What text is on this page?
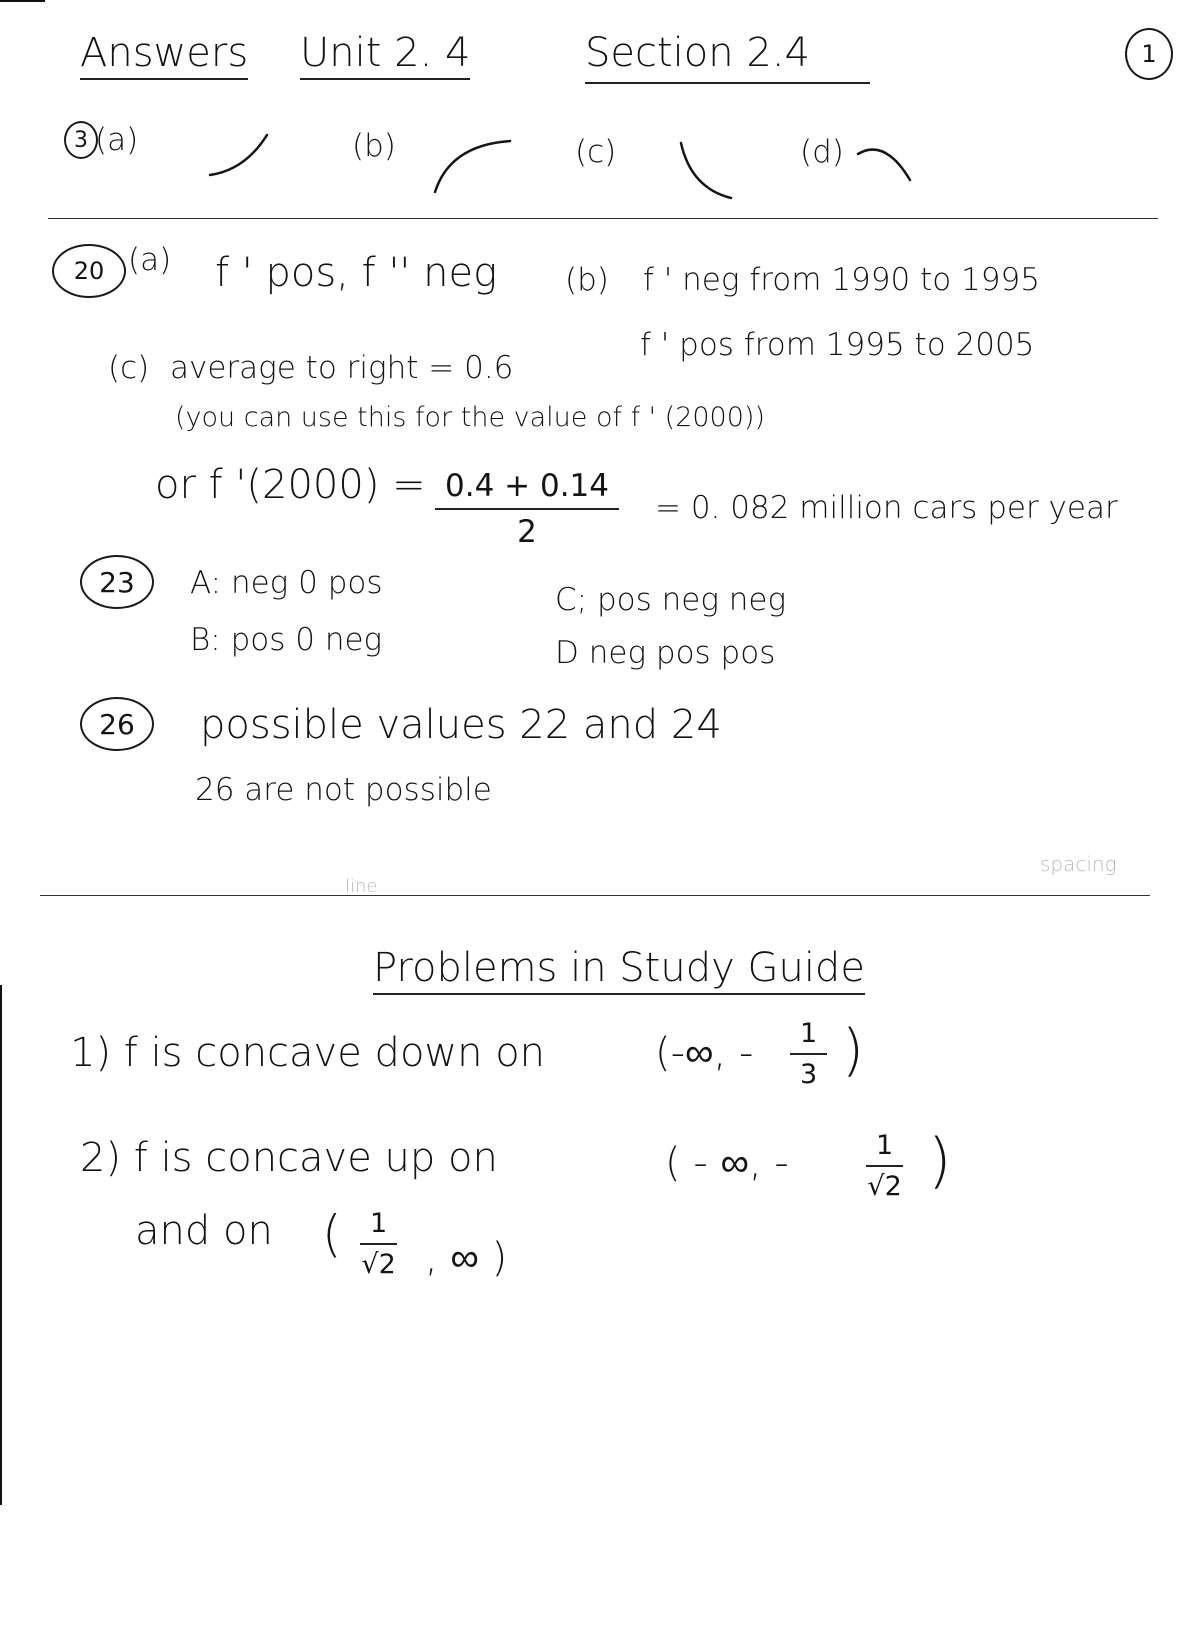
Answers Unit 2. 4	Section 2.4	1
3 (a)	(b)	(c)	(d)
20 (a) f ' pos, f '' neg (b) f ' neg from 1990 to 1995
f ' pos from 1995 to 2005
(c) average to right = 0.6
(you can use this for the value of f ' (2000))
or f '$(2000) = \frac{0.4 + 0.14}{2} = 0$. 082 million cars per year
23	A: neg 0 pos
B: pos 0 neg
C; pos neg neg
D neg pos pos
26	possible values 22 and 24
26 are not possible
line
spacing
Problems in Study Guide
1) f is concave down on	(-∞, - $\frac{1}{3}$ )
2) f is concave up on	( - ∞, -	$\frac{1}{√2}$ )
and on ( $\frac{1}{√2}$ , ∞ )
